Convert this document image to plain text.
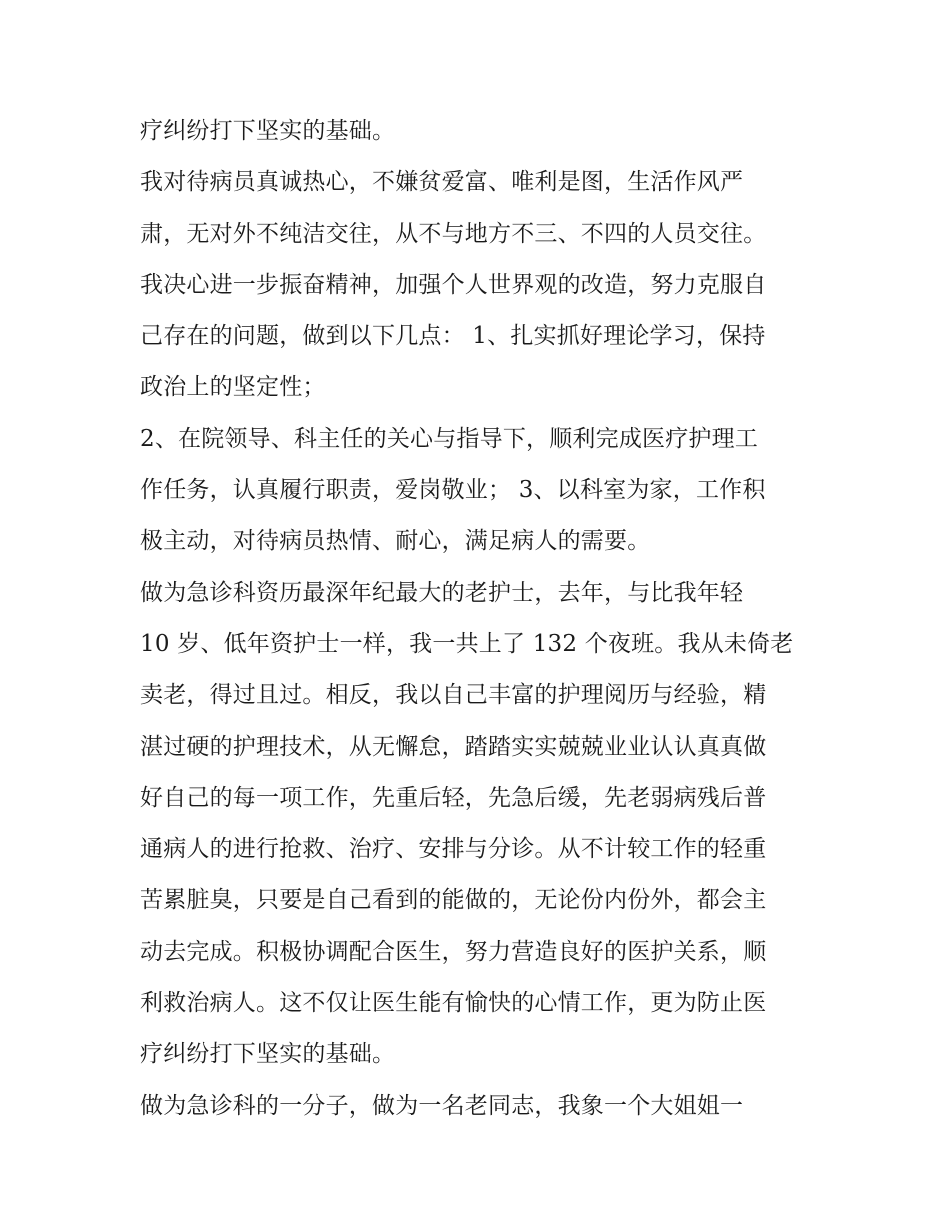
疗纠纷打下坚实的基础。
我对待病员真诚热心，不嫌贫爱富、唯利是图，生活作风严
肃，无对外不纯洁交往，从不与地方不三、不四的人员交往。
我决心进一步振奋精神，加强个人世界观的改造，努力克服自
己存在的问题，做到以下几点： 1、扎实抓好理论学习，保持
政治上的坚定性；
2、在院领导、科主任的关心与指导下，顺利完成医疗护理工
作任务，认真履行职责，爱岗敬业； 3、以科室为家，工作积
极主动，对待病员热情、耐心，满足病人的需要。
做为急诊科资历最深年纪最大的老护士，去年，与比我年轻
10 岁、低年资护士一样，我一共上了 132 个夜班。我从未倚老
卖老，得过且过。相反，我以自己丰富的护理阅历与经验，精
湛过硬的护理技术，从无懈怠，踏踏实实兢兢业业认认真真做
好自己的每一项工作，先重后轻，先急后缓，先老弱病残后普
通病人的进行抢救、治疗、安排与分诊。从不计较工作的轻重
苦累脏臭，只要是自己看到的能做的，无论份内份外，都会主
动去完成。积极协调配合医生，努力营造良好的医护关系，顺
利救治病人。这不仅让医生能有愉快的心情工作，更为防止医
疗纠纷打下坚实的基础。
做为急诊科的一分子，做为一名老同志，我象一个大姐姐一
